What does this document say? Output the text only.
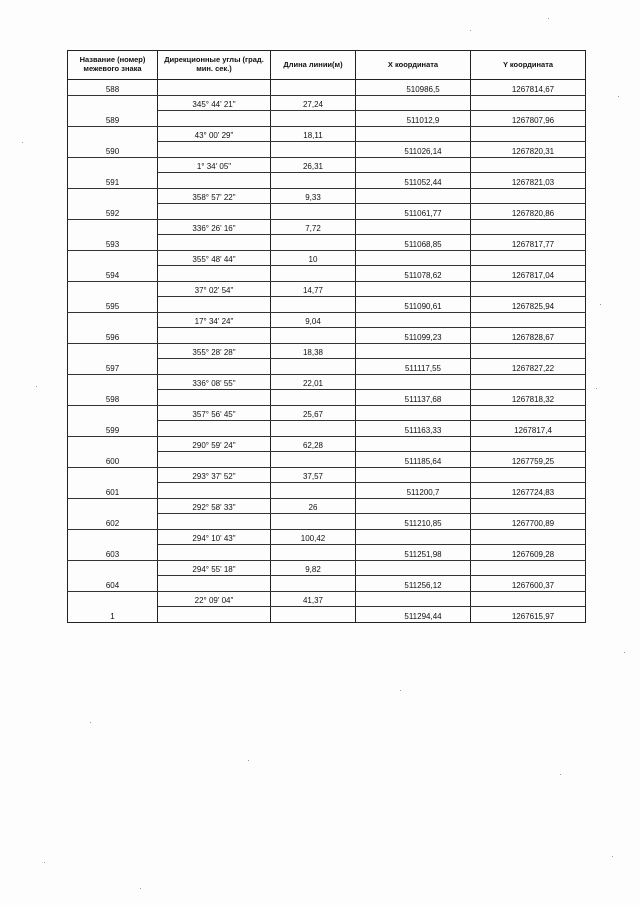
Название (номер) межевого знака	Дирекционные углы (град. мин. сек.)	Длина линии(м)	X координата	Y координата
588			510986,5	1267814,67
	345° 44' 21"	27,24		
589			511012,9	1267807,96
	43° 00' 29"	18,11		
590			511026,14	1267820,31
	1° 34' 05"	26,31		
591			511052,44	1267821,03
	358° 57' 22"	9,33		
592			511061,77	1267820,86
	336° 26' 16"	7,72		
593			511068,85	1267817,77
	355° 48' 44"	10		
594			511078,62	1267817,04
	37° 02' 54"	14,77		
595			511090,61	1267825,94
	17° 34' 24"	9,04		
596			511099,23	1267828,67
	355° 28' 28"	18,38		
597			511117,55	1267827,22
	336° 08' 55"	22,01		
598			511137,68	1267818,32
	357° 56' 45"	25,67		
599			511163,33	1267817,4
	290° 59' 24"	62,28		
600			511185,64	1267759,25
	293° 37' 52"	37,57		
601			511200,7	1267724,83
	292° 58' 33"	26		
602			511210,85	1267700,89
	294° 10' 43"	100,42		
603			511251,98	1267609,28
	294° 55' 18"	9,82		
604			511256,12	1267600,37
	22° 09' 04"	41,37		
1			511294,44	1267615,97
